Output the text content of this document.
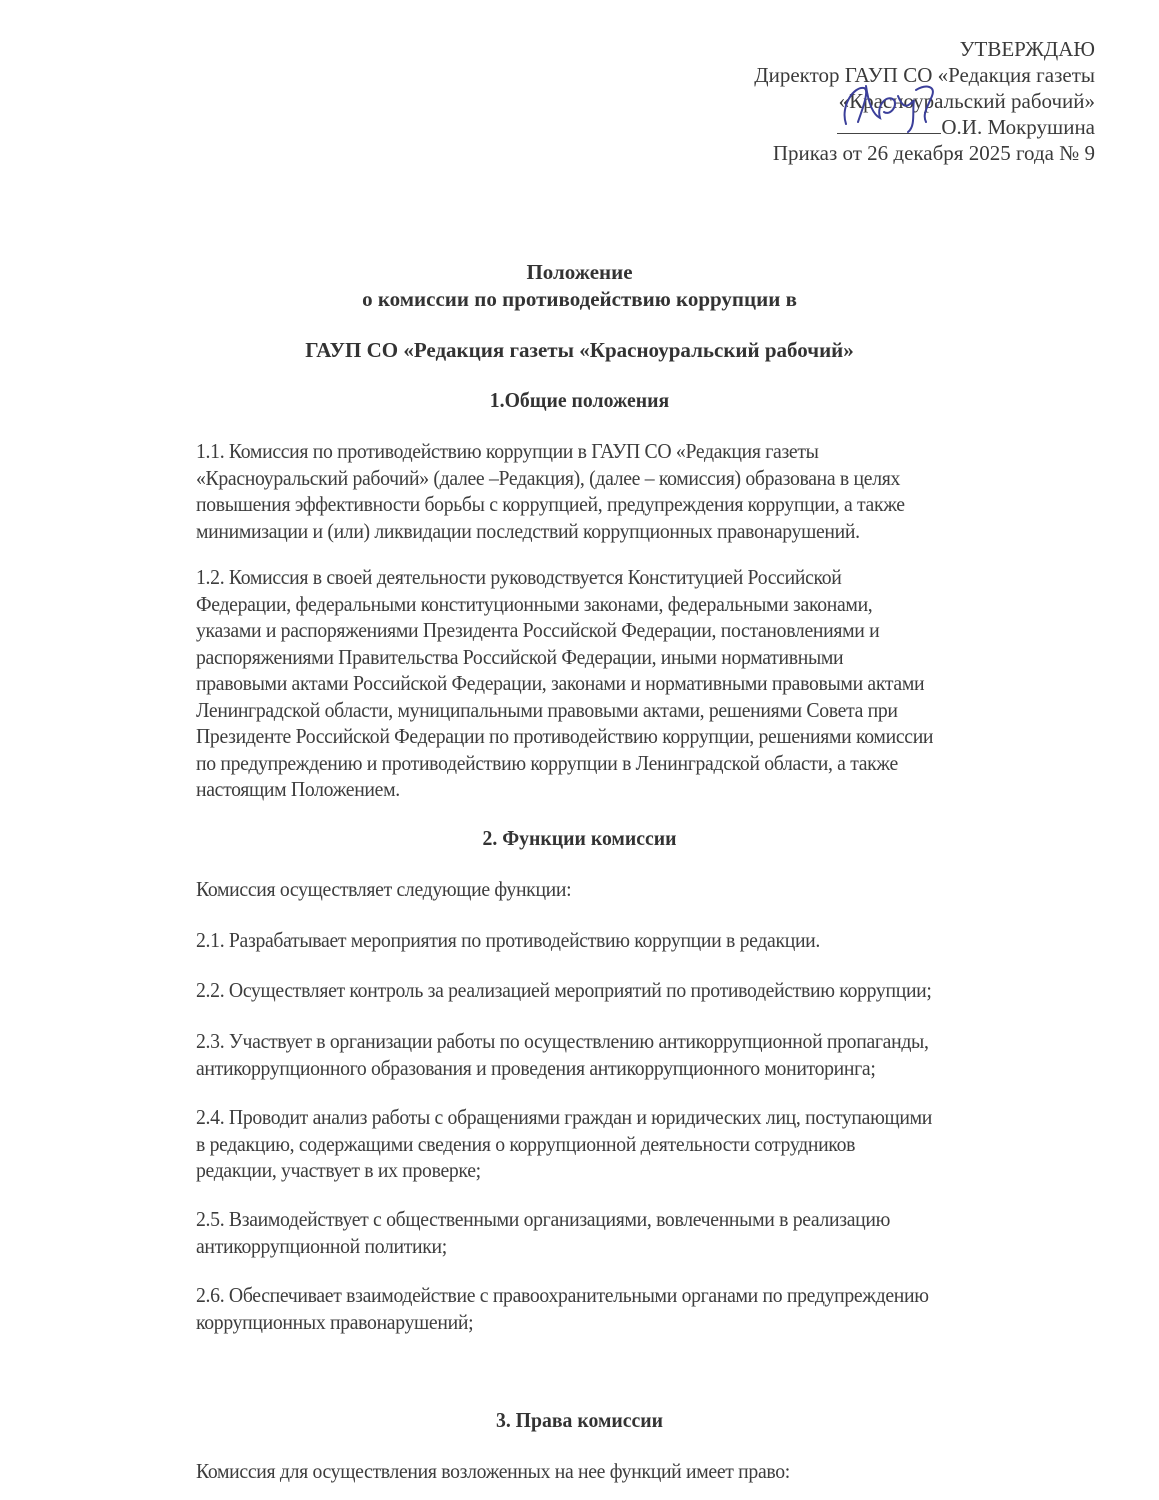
УТВЕРЖДАЮ
Директор ГАУП СО «Редакция газеты
«Красноуральский рабочий»
О.И. Мокрушина
Приказ от 26 декабря 2025 года № 9
Положение
о комиссии по противодействию коррупции в
ГАУП СО «Редакция газеты «Красноуральский рабочий»
1.Общие положения
1.1. Комиссия по противодействию коррупции в ГАУП СО «Редакция газеты
«Красноуральский рабочий» (далее –Редакция), (далее – комиссия) образована в целях
повышения эффективности борьбы с коррупцией, предупреждения коррупции, а также
минимизации и (или) ликвидации последствий коррупционных правонарушений.
1.2. Комиссия в своей деятельности руководствуется Конституцией Российской
Федерации, федеральными конституционными законами, федеральными законами,
указами и распоряжениями Президента Российской Федерации, постановлениями и
распоряжениями Правительства Российской Федерации, иными нормативными
правовыми актами Российской Федерации, законами и нормативными правовыми актами
Ленинградской области, муниципальными правовыми актами, решениями Совета при
Президенте Российской Федерации по противодействию коррупции, решениями комиссии
по предупреждению и противодействию коррупции в Ленинградской области, а также
настоящим Положением.
2. Функции комиссии
Комиссия осуществляет следующие функции:
2.1. Разрабатывает мероприятия по противодействию коррупции в редакции.
2.2. Осуществляет контроль за реализацией мероприятий по противодействию коррупции;
2.3. Участвует в организации работы по осуществлению антикоррупционной пропаганды,
антикоррупционного образования и проведения антикоррупционного мониторинга;
2.4. Проводит анализ работы с обращениями граждан и юридических лиц, поступающими
в редакцию, содержащими сведения о коррупционной деятельности сотрудников
редакции, участвует в их проверке;
2.5. Взаимодействует с общественными организациями, вовлеченными в реализацию
антикоррупционной политики;
2.6. Обеспечивает взаимодействие с правоохранительными органами по предупреждению
коррупционных правонарушений;
3. Права комиссии
Комиссия для осуществления возложенных на нее функций имеет право:
